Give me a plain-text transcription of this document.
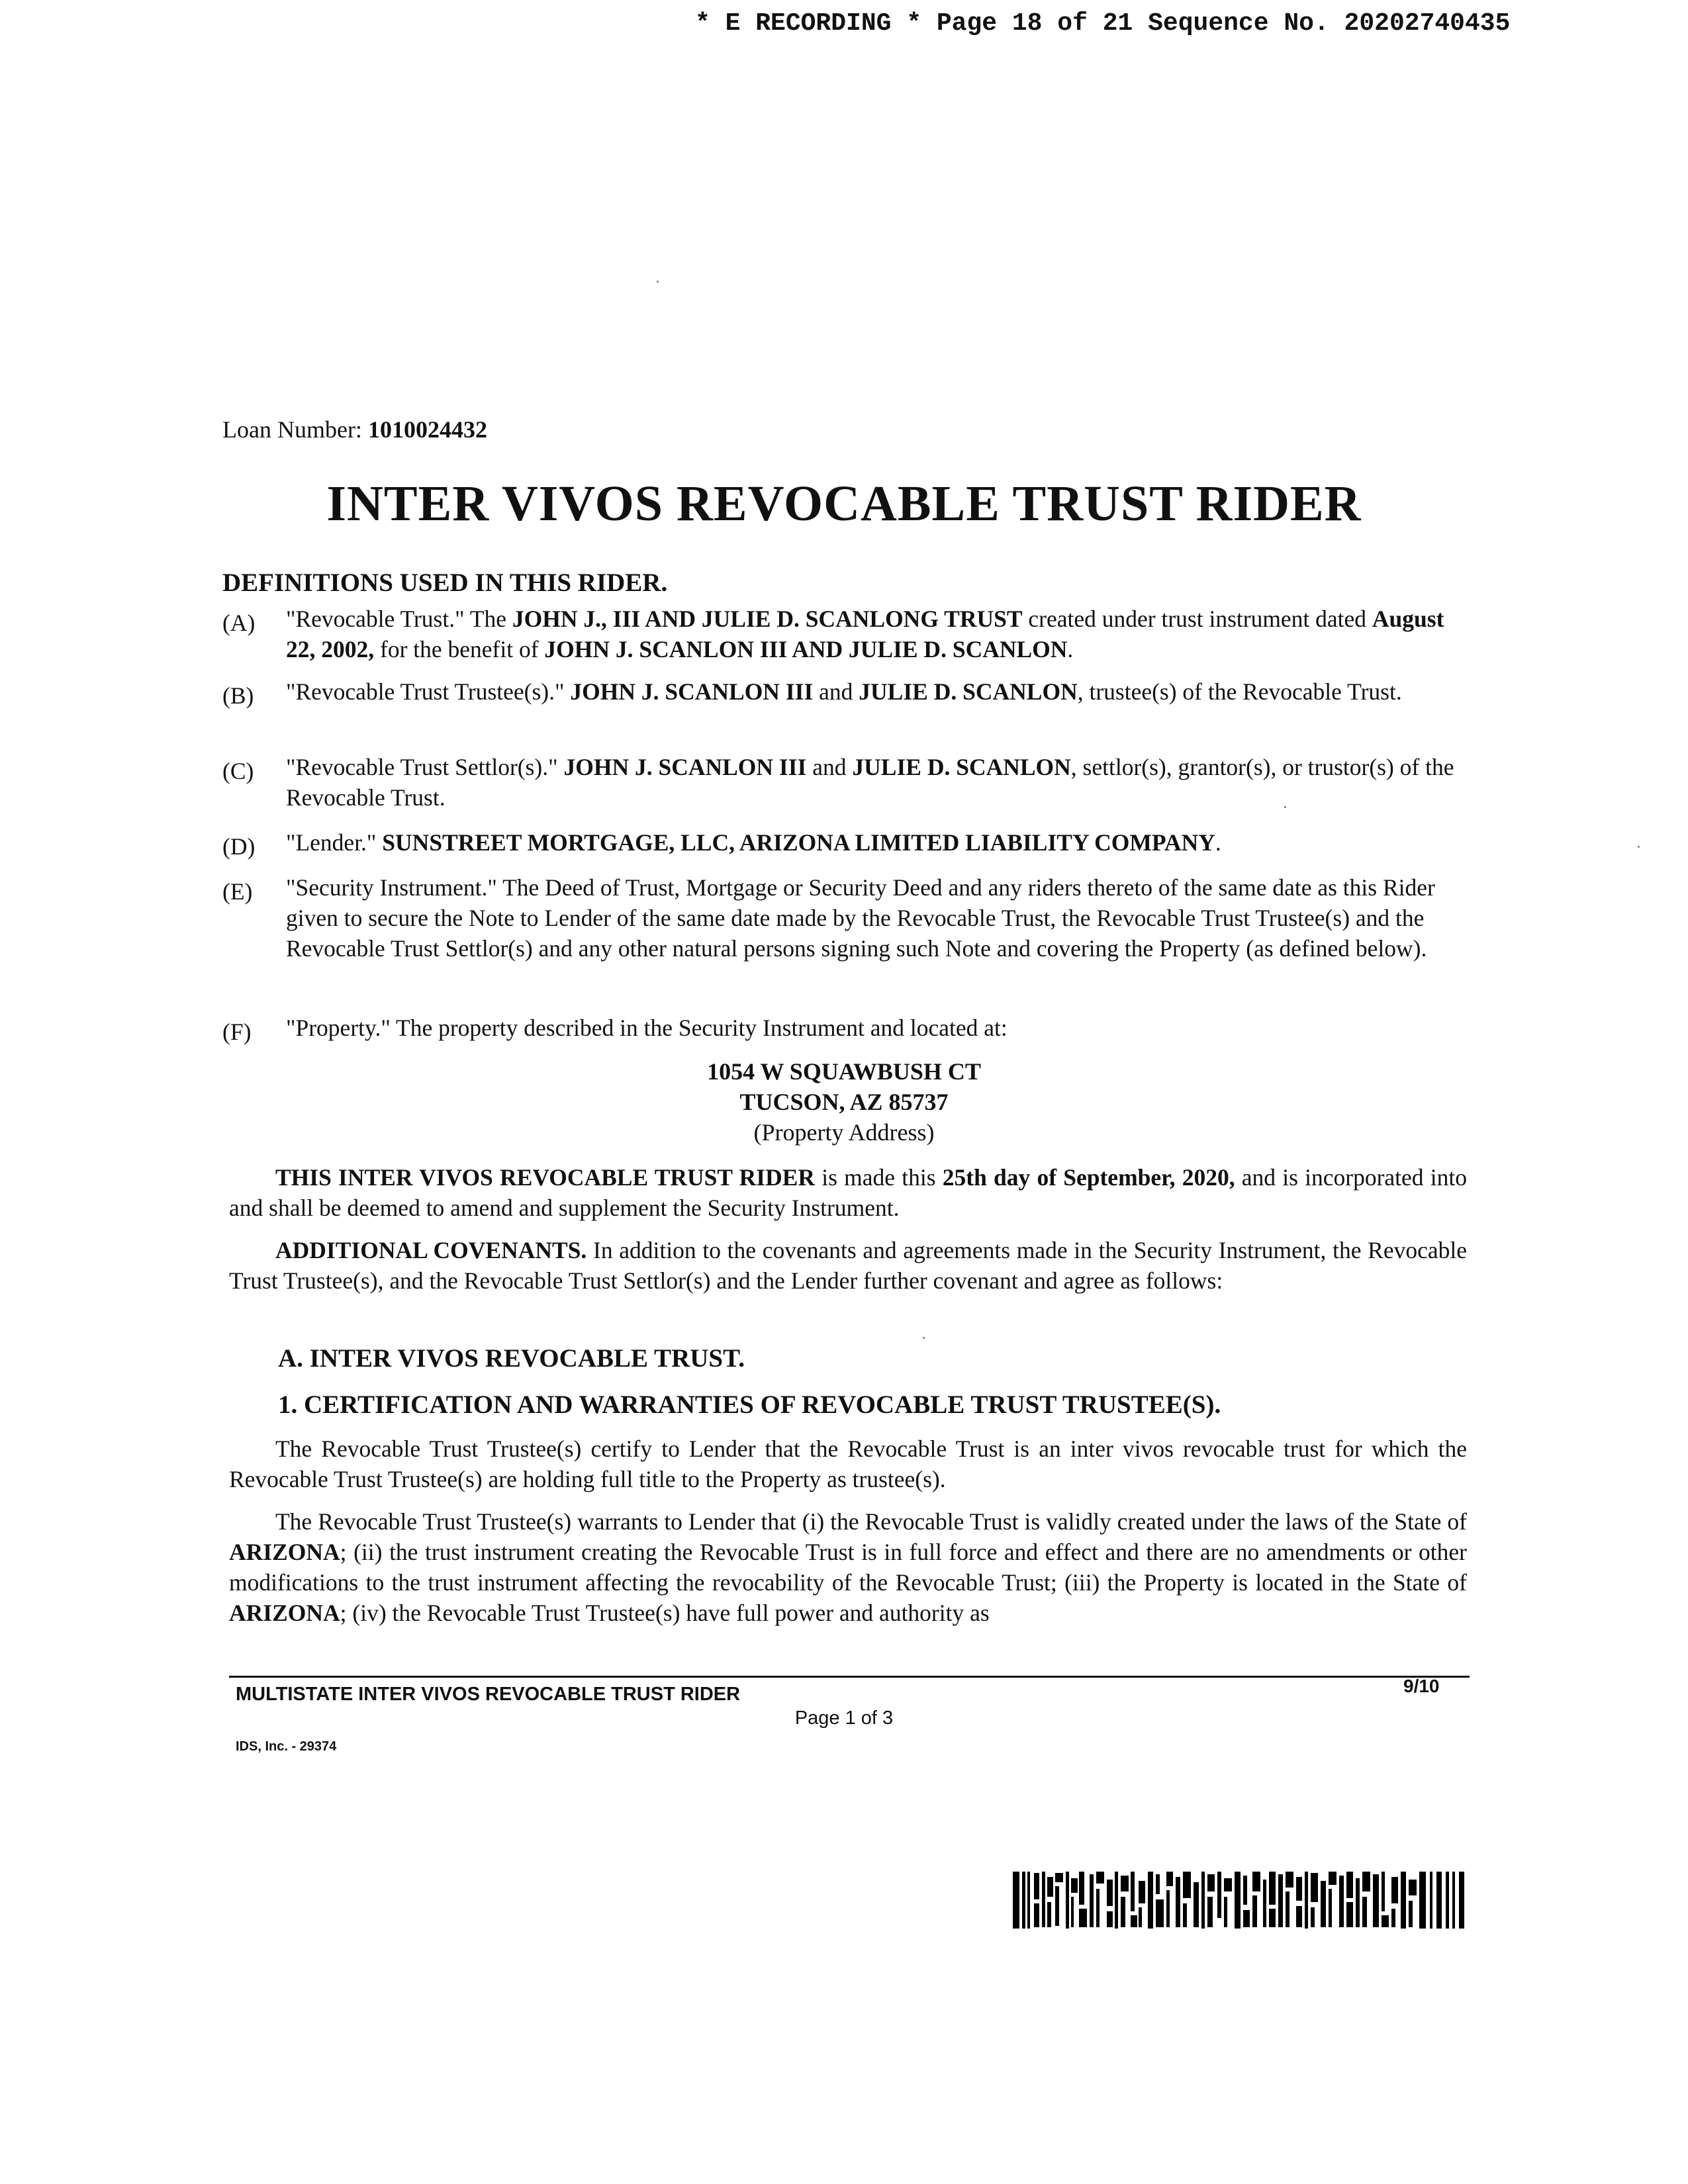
* E RECORDING * Page 18 of 21 Sequence No. 20202740435
Loan Number: 1010024432
INTER VIVOS REVOCABLE TRUST RIDER
DEFINITIONS USED IN THIS RIDER.
(A) "Revocable Trust." The JOHN J., III AND JULIE D. SCANLONG TRUST created under trust instrument dated August 22, 2002, for the benefit of JOHN J. SCANLON III AND JULIE D. SCANLON.
(B) "Revocable Trust Trustee(s)." JOHN J. SCANLON III and JULIE D. SCANLON, trustee(s) of the Revocable Trust.
(C) "Revocable Trust Settlor(s)." JOHN J. SCANLON III and JULIE D. SCANLON, settlor(s), grantor(s), or trustor(s) of the Revocable Trust.
(D) "Lender." SUNSTREET MORTGAGE, LLC, ARIZONA LIMITED LIABILITY COMPANY.
(E) "Security Instrument." The Deed of Trust, Mortgage or Security Deed and any riders thereto of the same date as this Rider given to secure the Note to Lender of the same date made by the Revocable Trust, the Revocable Trust Trustee(s) and the Revocable Trust Settlor(s) and any other natural persons signing such Note and covering the Property (as defined below).
(F) "Property." The property described in the Security Instrument and located at:
1054 W SQUAWBUSH CT
TUCSON, AZ 85737
(Property Address)
THIS INTER VIVOS REVOCABLE TRUST RIDER is made this 25th day of September, 2020, and is incorporated into and shall be deemed to amend and supplement the Security Instrument.
ADDITIONAL COVENANTS. In addition to the covenants and agreements made in the Security Instrument, the Revocable Trust Trustee(s), and the Revocable Trust Settlor(s) and the Lender further covenant and agree as follows:
A. INTER VIVOS REVOCABLE TRUST.
1. CERTIFICATION AND WARRANTIES OF REVOCABLE TRUST TRUSTEE(S).
The Revocable Trust Trustee(s) certify to Lender that the Revocable Trust is an inter vivos revocable trust for which the Revocable Trust Trustee(s) are holding full title to the Property as trustee(s).
The Revocable Trust Trustee(s) warrants to Lender that (i) the Revocable Trust is validly created under the laws of the State of ARIZONA; (ii) the trust instrument creating the Revocable Trust is in full force and effect and there are no amendments or other modifications to the trust instrument affecting the revocability of the Revocable Trust; (iii) the Property is located in the State of ARIZONA; (iv) the Revocable Trust Trustee(s) have full power and authority as
MULTISTATE INTER VIVOS REVOCABLE TRUST RIDER	9/10
Page 1 of 3
IDS, Inc. - 29374
